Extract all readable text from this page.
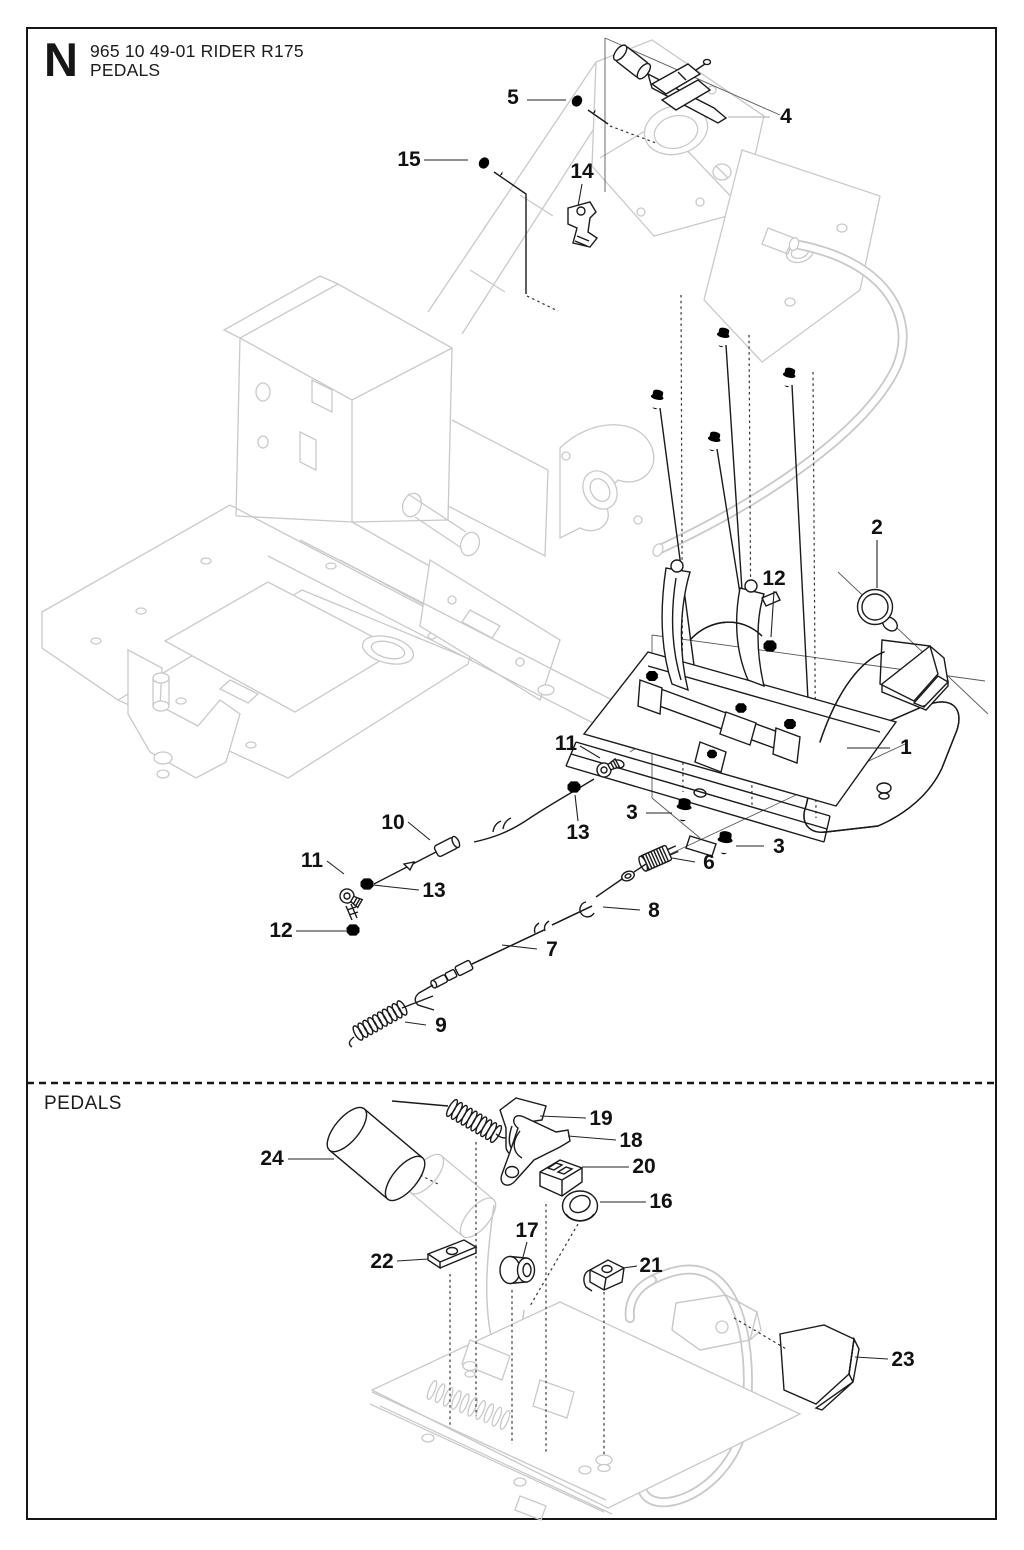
N 965 10 49-01 RIDER R175
PEDALS
PEDALS
5
4
15
14
2
12
1
11
13
10	3
3
6
8
11
13
12
7
9
24
19
18
20
16
17
22	21
23
